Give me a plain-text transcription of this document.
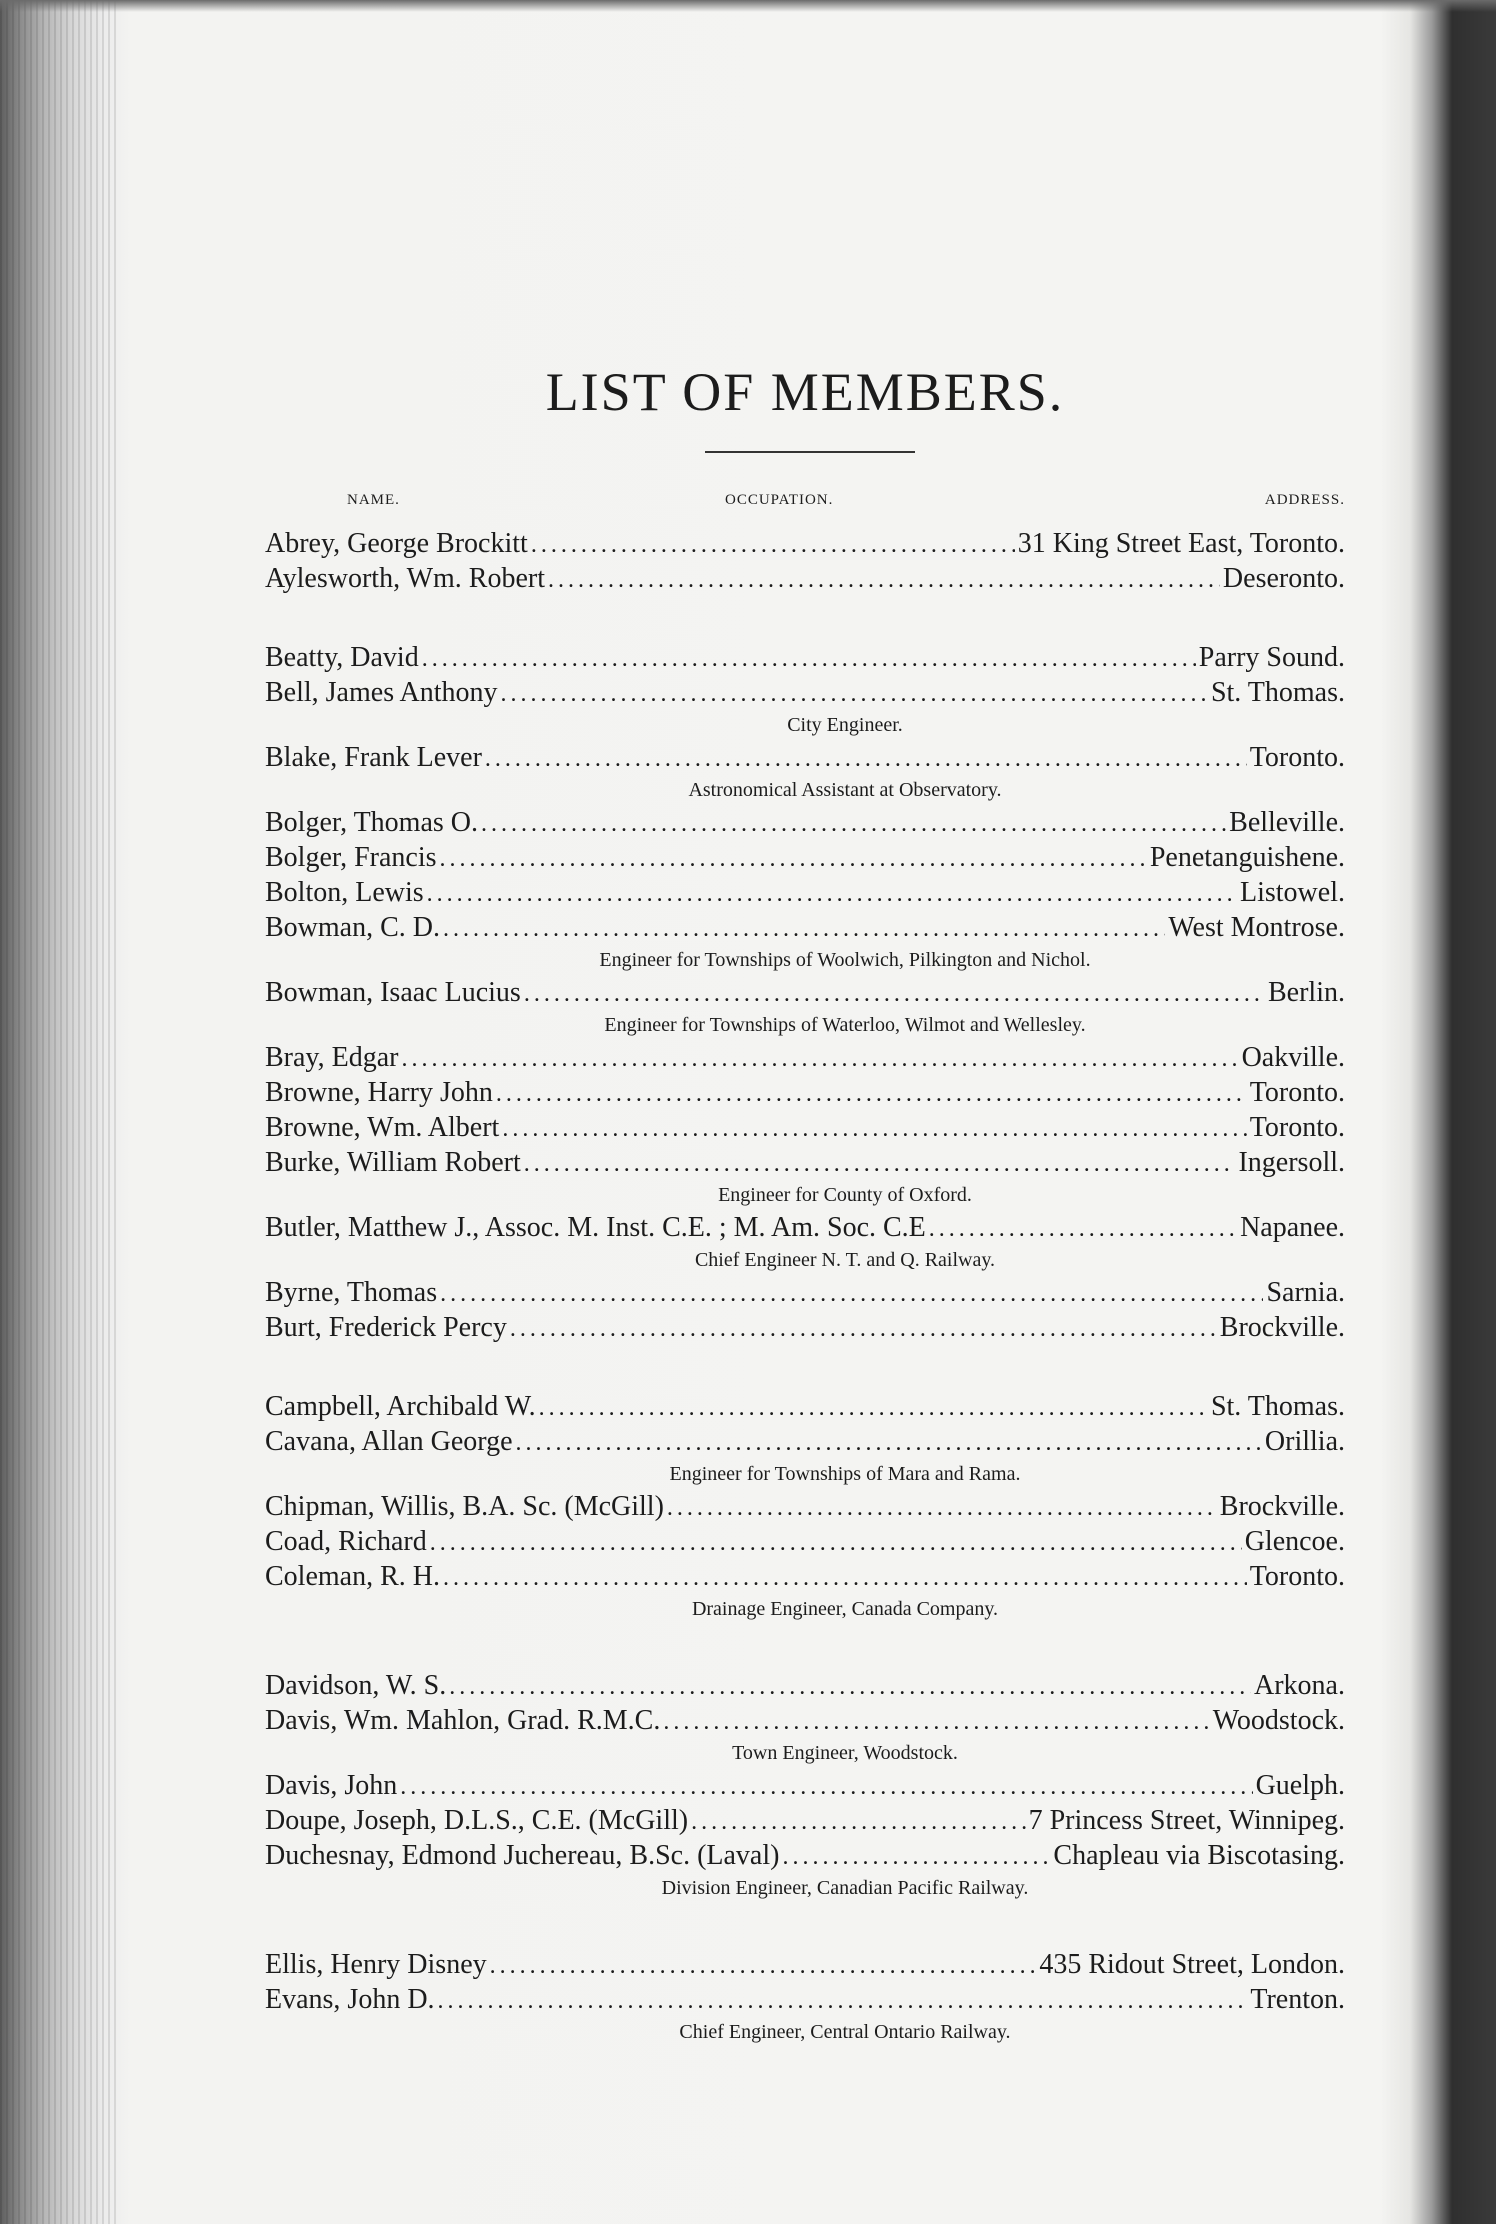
LIST OF MEMBERS.
NAME.	OCCUPATION.	ADDRESS.
Abrey, George Brockitt . . .	31 King Street East, Toronto.
Aylesworth, Wm. Robert . . .	Deseronto.
Beatty, David . . .	Parry Sound.
Bell, James Anthony . . .	St. Thomas.
City Engineer.
Blake, Frank Lever . . .	Toronto.
Astronomical Assistant at Observatory.
Bolger, Thomas O. . . .	Belleville.
Bolger, Francis . . .	Penetanguishene.
Bolton, Lewis . . .	Listowel.
Bowman, C. D. . . .	West Montrose.
Engineer for Townships of Woolwich, Pilkington and Nichol.
Bowman, Isaac Lucius . . .	Berlin.
Engineer for Townships of Waterloo, Wilmot and Wellesley.
Bray, Edgar . . .	Oakville.
Browne, Harry John . . .	Toronto.
Browne, Wm. Albert . . .	Toronto.
Burke, William Robert . . .	Ingersoll.
Engineer for County of Oxford.
Butler, Matthew J., Assoc. M. Inst. C.E. ; M. Am. Soc. C.E . . .	Napanee.
Chief Engineer N. T. and Q. Railway.
Byrne, Thomas . . .	Sarnia.
Burt, Frederick Percy . . .	Brockville.
Campbell, Archibald W. . . .	St. Thomas.
Cavana, Allan George . . .	Orillia.
Engineer for Townships of Mara and Rama.
Chipman, Willis, B.A. Sc. (McGill) . . .	Brockville.
Coad, Richard . . .	Glencoe.
Coleman, R. H. . . .	Toronto.
Drainage Engineer, Canada Company.
Davidson, W. S. . . .	Arkona.
Davis, Wm. Mahlon, Grad. R.M.C. . . .	Woodstock.
Town Engineer, Woodstock.
Davis, John . . .	Guelph.
Doupe, Joseph, D.L.S., C.E. (McGill) . . .	7 Princess Street, Winnipeg.
Duchesnay, Edmond Juchereau, B.Sc. (Laval) . . .	Chapleau via Biscotasing.
Division Engineer, Canadian Pacific Railway.
Ellis, Henry Disney . . .	435 Ridout Street, London.
Evans, John D. . . .	Trenton.
Chief Engineer, Central Ontario Railway.
